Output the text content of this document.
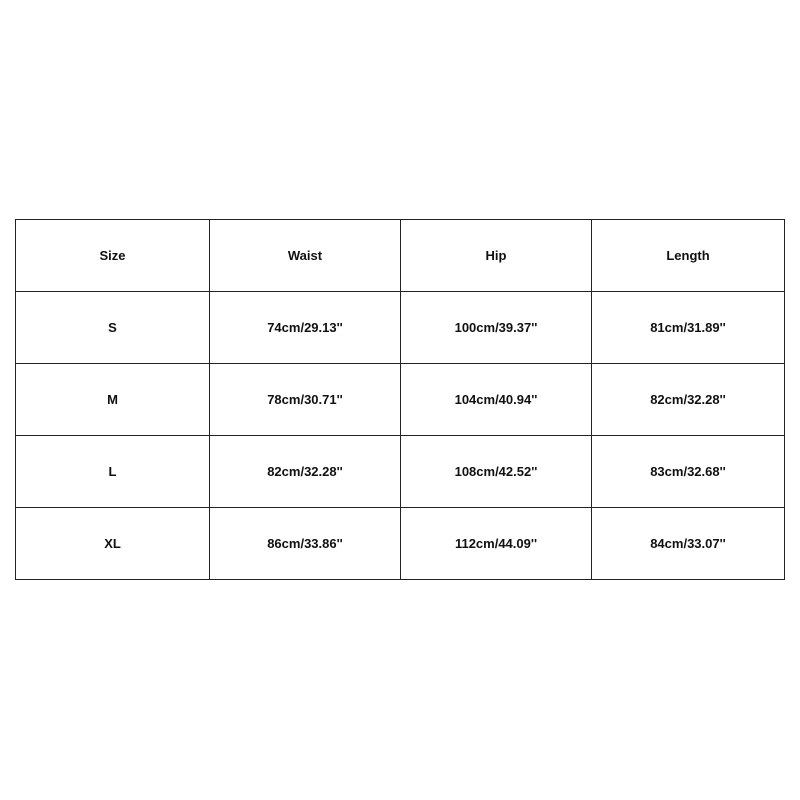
Size	Waist	Hip	Length
S	74cm/29.13''	100cm/39.37''	81cm/31.89''
M	78cm/30.71''	104cm/40.94''	82cm/32.28''
L	82cm/32.28''	108cm/42.52''	83cm/32.68''
XL	86cm/33.86''	112cm/44.09''	84cm/33.07''
